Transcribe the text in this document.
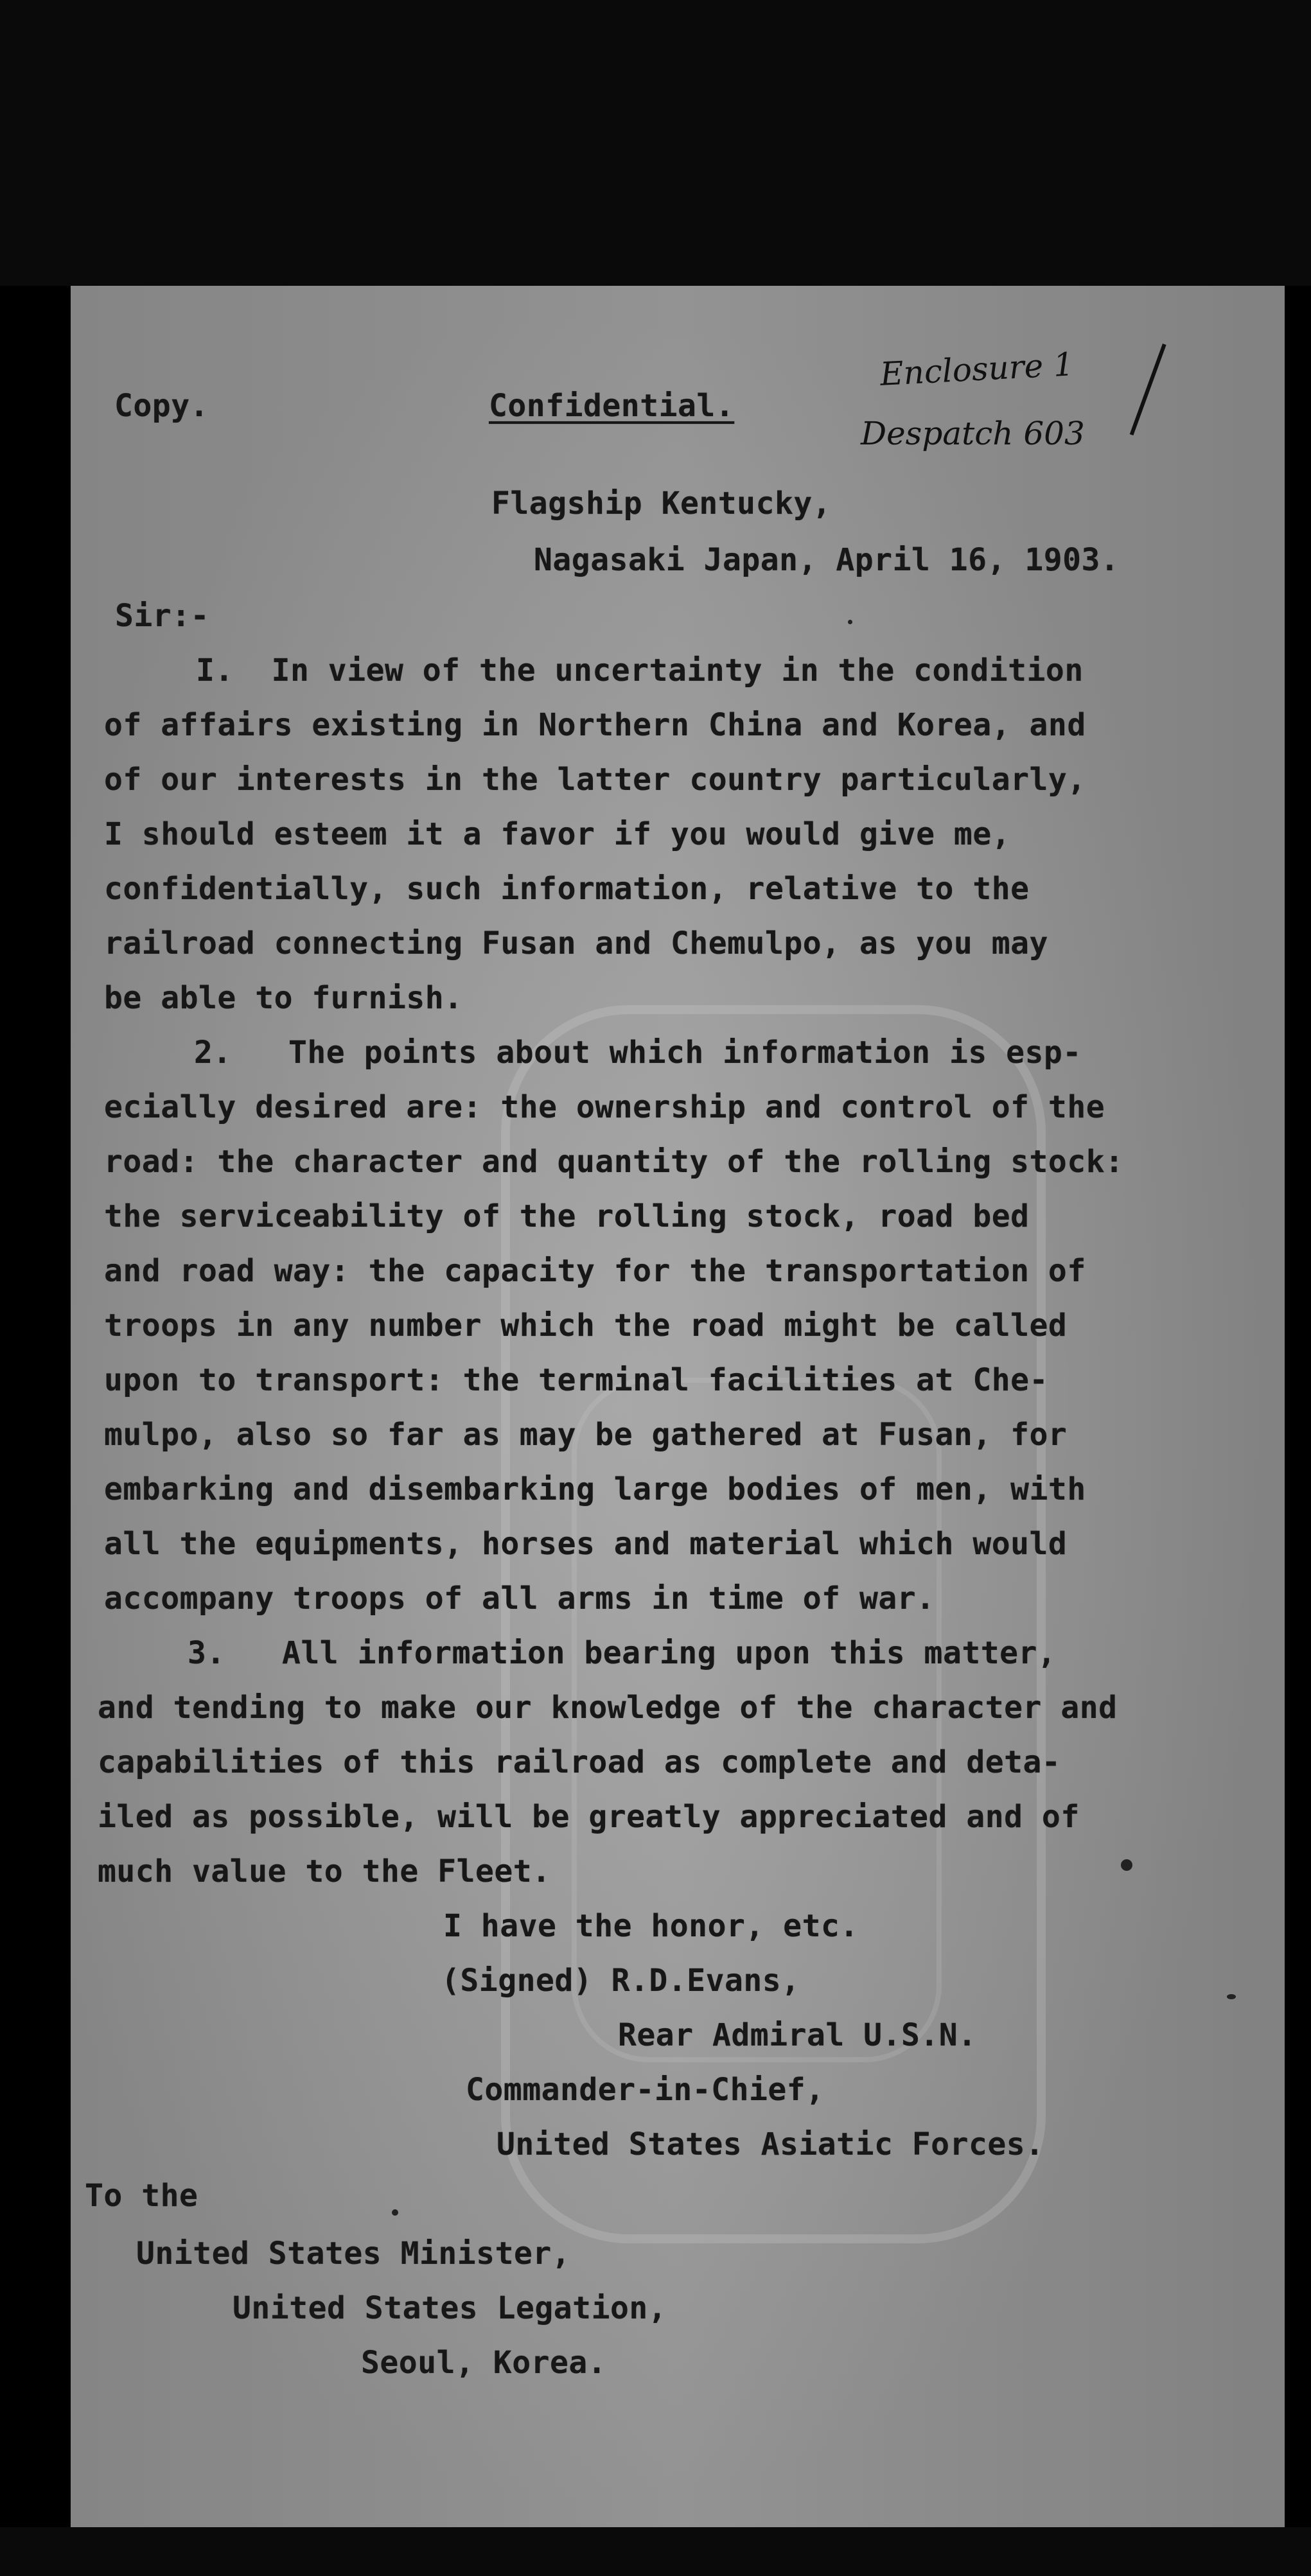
Enclosure 1
Despatch 603
Copy.	Confidential.
Flagship Kentucky,
Nagasaki Japan, April 16, 1903.
Sir:-
I.  In view of the uncertainty in the condition
of affairs existing in Northern China and Korea, and
of our interests in the latter country particularly,
I should esteem it a favor if you would give me,
confidentially, such information, relative to the
railroad connecting Fusan and Chemulpo, as you may
be able to furnish.
2.   The points about which information is esp-
ecially desired are: the ownership and control of the
road: the character and quantity of the rolling stock:
the serviceability of the rolling stock, road bed
and road way: the capacity for the transportation of
troops in any number which the road might be called
upon to transport: the terminal facilities at Che-
mulpo, also so far as may be gathered at Fusan, for
embarking and disembarking large bodies of men, with
all the equipments, horses and material which would
accompany troops of all arms in time of war.
3.   All information bearing upon this matter,
and tending to make our knowledge of the character and
capabilities of this railroad as complete and deta-
iled as possible, will be greatly appreciated and of
much value to the Fleet.
I have the honor, etc.
(Signed) R.D.Evans,
Rear Admiral U.S.N.
Commander-in-Chief,
United States Asiatic Forces.
To the
United States Minister,
United States Legation,
Seoul, Korea.
